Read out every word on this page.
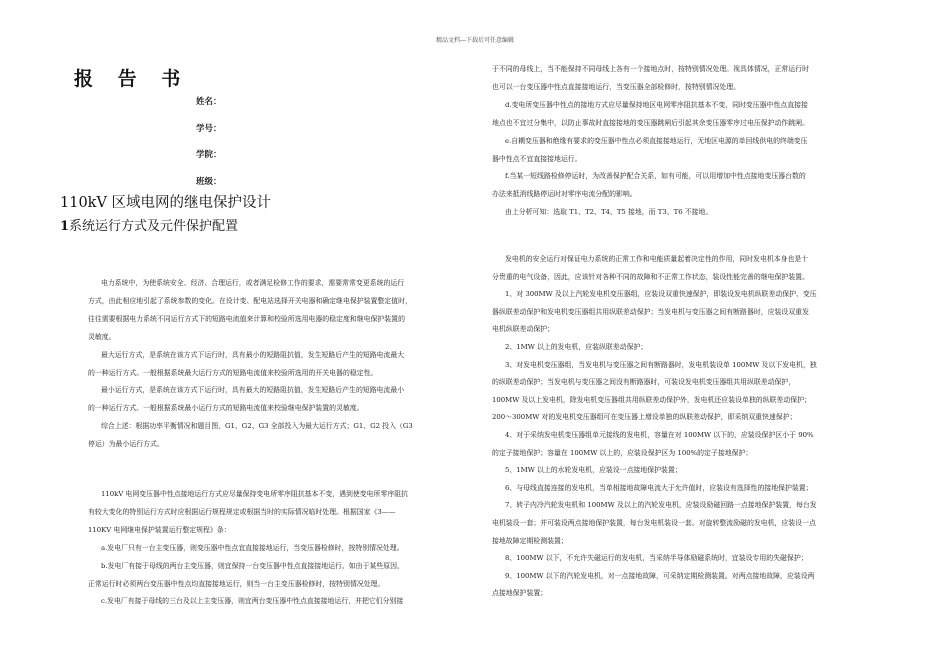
精品文档---下载后可任意编辑
报 告 书
姓名：
学号：
学院：
班级：
110kV 区域电网的继电保护设计
1系统运行方式及元件保护配置
电力系统中，为使系统安全、经济、合理运行，或者满足检修工作的要求，需要常常变更系统的运行
方式，由此相应地引起了系统参数的变化。在设计变、配电站选择开关电器和确定继电保护装置整定值时，
往往需要根据电力系统不同运行方式下的短路电流值来计算和校验所选用电器的稳定度和继电保护装置的
灵敏度。
最大运行方式，是系统在该方式下运行时，具有最小的短路阻抗值，发生短路后产生的短路电流最大
的一种运行方式。一般根据系统最大运行方式的短路电流值来校验所选用的开关电器的稳定性。
最小运行方式，是系统在该方式下运行时，具有最大的短路阻抗值，发生短路后产生的短路电流最小
的一种运行方式。一般根据系统最小运行方式的短路电流值来校验继电保护装置的灵敏度。
综合上述：根据功率平衡情况和题目图，G1、G2、G3 全部投入为最大运行方式；G1、G2 投入（G3
停运）为最小运行方式。
110kV 电网变压器中性点接地运行方式应尽量保持变电所零序阻抗基本不变，遇到使变电所零序阻抗
有较大变化的特别运行方式时应根据运行规程规定或根据当时的实际情况临时处理。根据国家《3——
110KV 电网继电保护装置运行整定规程》条：
a.发电厂只有一台主变压器，则变压器中性点宜直接接地运行，当变压器检修时，按特别情况处理。
b.发电厂有接于母线的两台主变压器，则宜保持一台变压器中性点直接接地运行。如由于某些原因，
正常运行时必须两台变压器中性点均直接接地运行，则当一台主变压器检修时，按特别情况处理。
c.发电厂有接于母线的三台及以上主变压器，则宜两台变压器中性点直接接地运行，并把它们分别接
于不同的母线上，当不能保持不同母线上各有一个接地点时，按特别情况处理。视具体情况，正常运行时
也可以一台变压器中性点直接接地运行，当变压器全部检修时，按特别情况处理。
d.变电所变压器中性点的接地方式应尽量保持地区电网零序阻抗基本不变，同时变压器中性点直接接
地点也不宜过分集中，以防止事故时直接接地的变压器跳闸后引起其余变压器零序过电压保护动作跳闸。
e.自耦变压器和绝缘有要求的变压器中性点必须直接接地运行，无地区电源的单回线供电的终端变压
器中性点不宜直接接地运行。
f.当某一短线路检修停运时，为改善保护配合关系，如有可能，可以用增加中性点接地变压器台数的
办法来抵消线路停运时对零序电流分配的影响。
由上分析可知：选取 T1、T2、T4、T5 接地，而 T3、T6 不接地。
发电机的安全运行对保证电力系统的正常工作和电能质量起着决定性的作用，同时发电机本身也是十
分贵重的电气设备，因此，应该针对各种不同的故障和不正常工作状态，装设性能完善的继电保护装置。
1、对 300MW 及以上汽轮发电机变压器组，应装设双重快速保护，即装设发电机纵联差动保护、变压
器纵联差动保护和发电机变压器组共用纵联差动保护；当发电机与变压器之间有断路器时，应装设双重发
电机纵联差动保护；
2、1MW 以上的发电机，应装纵联差动保护；
3、对发电机变压器组，当发电机与变压器之间有断路器时，发电机装设单 100MW 及以下发电机，独
的纵联差动保护；当发电机与变压器之间没有断路器时，可装设发电机变压器组共用纵联差动保护，
100MW 及以上发电机，除发电机变压器组共用纵联差动保护外，发电机还应装设单独的纵联差动保护；
200～300MW 对的发电机变压器组可在变压器上增设单独的纵联差动保护，即采纳双重快速保护；
4、对于采纳发电机变压器组单元接线的发电机，容量在对 100MW 以下的，应装设保护区小于 90%
的定子接地保护；容量在 100MW 以上的，应装设保护区为 100%的定子接地保护；
5、1MW 以上的水轮发电机，应装设一点接地保护装置；
6、与母线直接连接的发电机，当单相接地故障电流大于允许值时，应装设有选择性的接地保护装置；
7、转子内冷汽轮发电机和 100MW 及以上的汽轮发电机，应装设励磁回路一点接地保护装置，每台发
电机装设一套；并可装设两点接地保护装置，每台发电机装设一套。对旋转整流励磁的发电机，应装设一点
接地故障定期检测装置；
8、100MW 以下，不允许失磁运行的发电机，当采纳半导体励磁系统时，宜装设专用的失磁保护；
9、100MW 以下的汽轮发电机，对一点接地故障，可采纳定期检测装置。对两点接地故障，应装设两
点接地保护装置；
